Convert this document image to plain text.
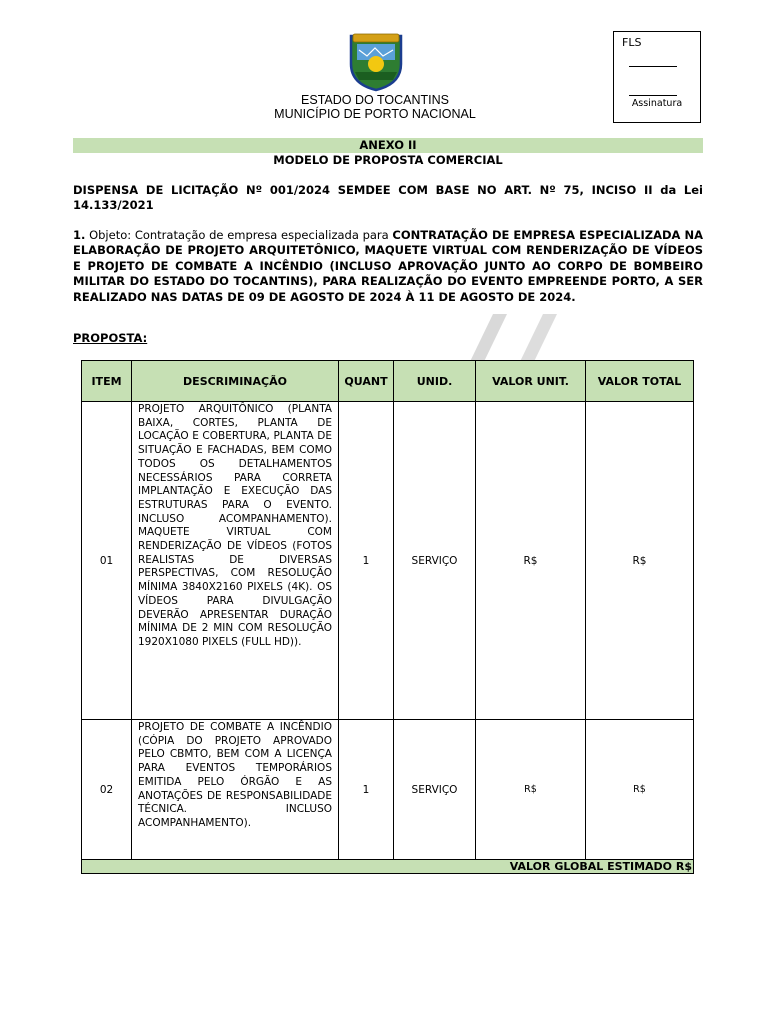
ESTADO DO TOCANTINS
MUNICÍPIO DE PORTO NACIONAL
FLS
Assinatura
ANEXO II
MODELO DE PROPOSTA COMERCIAL
DISPENSA DE LICITAÇÃO Nº 001/2024 SEMDEE COM BASE NO ART. Nº 75, INCISO II da Lei 14.133/2021
1. Objeto: Contratação de empresa especializada para CONTRATAÇÃO DE EMPRESA ESPECIALIZADA NA ELABORAÇÃO DE PROJETO ARQUITETÔNICO, MAQUETE VIRTUAL COM RENDERIZAÇÃO DE VÍDEOS E PROJETO DE COMBATE A INCÊNDIO (INCLUSO APROVAÇÃO JUNTO AO CORPO DE BOMBEIRO MILITAR DO ESTADO DO TOCANTINS), PARA REALIZAÇÃO DO EVENTO EMPREENDE PORTO, A SER REALIZADO NAS DATAS DE 09 DE AGOSTO DE 2024 À 11 DE AGOSTO DE 2024.
PROPOSTA:
ITEM	DESCRIMINAÇÃO	QUANT	UNID.	VALOR UNIT.	VALOR TOTAL
01	PROJETO ARQUITÔNICO (PLANTA BAIXA, CORTES, PLANTA DE LOCAÇÃO E COBERTURA, PLANTA DE SITUAÇÃO E FACHADAS, BEM COMO TODOS OS DETALHAMENTOS NECESSÁRIOS PARA CORRETA IMPLANTAÇÃO E EXECUÇÃO DAS ESTRUTURAS PARA O EVENTO. INCLUSO ACOMPANHAMENTO). MAQUETE VIRTUAL COM RENDERIZAÇÃO DE VÍDEOS (FOTOS REALISTAS DE DIVERSAS PERSPECTIVAS, COM RESOLUÇÃO MÍNIMA 3840X2160 PIXELS (4K). OS VÍDEOS PARA DIVULGAÇÃO DEVERÃO APRESENTAR DURAÇÃO MÍNIMA DE 2 MIN COM RESOLUÇÃO 1920X1080 PIXELS (FULL HD)).	1	SERVIÇO	R$	R$
02	PROJETO DE COMBATE A INCÊNDIO (CÓPIA DO PROJETO APROVADO PELO CBMTO, BEM COM A LICENÇA PARA EVENTOS TEMPORÁRIOS EMITIDA PELO ÓRGÃO E AS ANOTAÇÕES DE RESPONSABILIDADE TÉCNICA. INCLUSO ACOMPANHAMENTO).	1	SERVIÇO	R$	R$
VALOR GLOBAL ESTIMADO R$					
